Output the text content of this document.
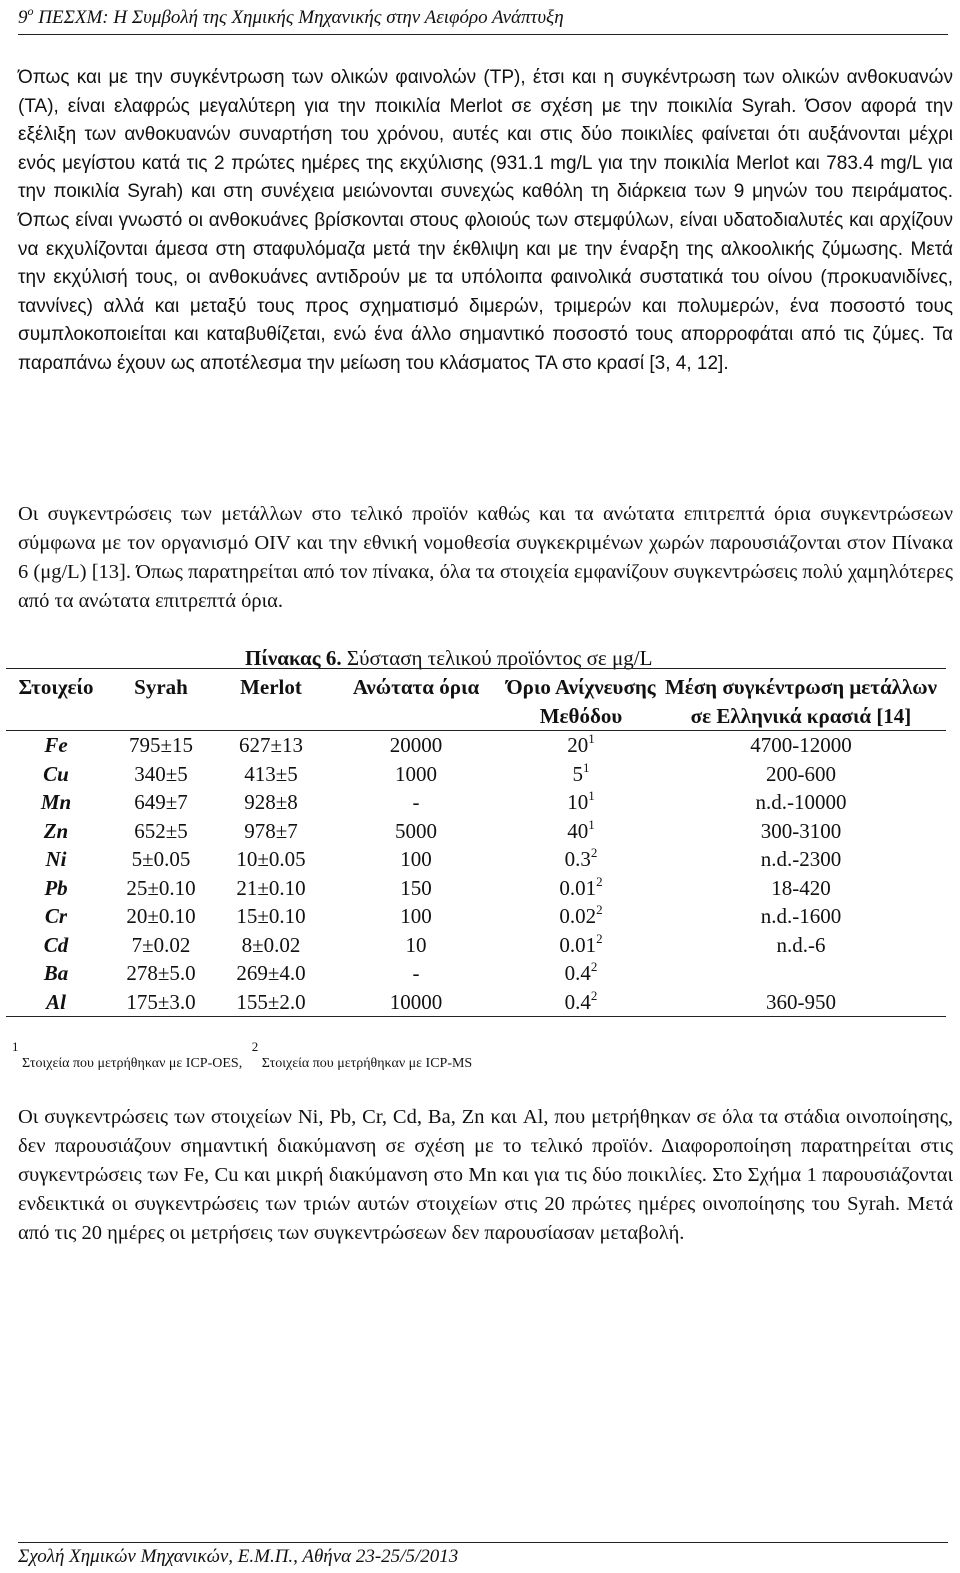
$9^o$ ΠΕΣΧΜ: Η Συμβολή της Χημικής Μηχανικής στην Αειφόρο Ανάπτυξη

Όπως και με την συγκέντρωση των ολικών φαινολών (TP), έτσι και η συγκέντρωση των ολικών ανθοκυανών (TA), είναι ελαφρώς μεγαλύτερη για την ποικιλία Merlot σε σχέση με την ποικιλία Syrah. Όσον αφορά την εξέλιξη των ανθοκυανών συναρτήση του χρόνου, αυτές και στις δύο ποικιλίες φαίνεται ότι αυξάνονται μέχρι ενός μεγίστου κατά τις 2 πρώτες ημέρες της εκχύλισης (931.1 mg/L για την ποικιλία Merlot και 783.4 mg/L για την ποικιλία Syrah) και στη συνέχεια μειώνονται συνεχώς καθόλη τη διάρκεια των 9 μηνών του πειράματος. Όπως είναι γνωστό οι ανθοκυάνες βρίσκονται στους φλοιούς των στεμφύλων, είναι υδατοδιαλυτές και αρχίζουν να εκχυλίζονται άμεσα στη σταφυλόμαζα μετά την έκθλιψη και με την έναρξη της αλκοολικής ζύμωσης. Μετά την εκχύλισή τους, οι ανθοκυάνες αντιδρούν με τα υπόλοιπα φαινολικά συστατικά του οίνου (προκυανιδίνες, ταννίνες) αλλά και μεταξύ τους προς σχηματισμό διμερών, τριμερών και πολυμερών, ένα ποσοστό τους συμπλοκοποιείται και καταβυθίζεται, ενώ ένα άλλο σημαντικό ποσοστό τους απορροφάται από τις ζύμες. Τα παραπάνω έχουν ως αποτέλεσμα την μείωση του κλάσματος TA στο κρασί [3, 4, 12].

Οι συγκεντρώσεις των μετάλλων στο τελικό προϊόν καθώς και τα ανώτατα επιτρεπτά όρια συγκεντρώσεων σύμφωνα με τον οργανισμό OIV και την εθνική νομοθεσία συγκεκριμένων χωρών παρουσιάζονται στον Πίνακα 6 (μg/L) [13]. Όπως παρατηρείται από τον πίνακα, όλα τα στοιχεία εμφανίζουν συγκεντρώσεις πολύ χαμηλότερες από τα ανώτατα επιτρεπτά όρια.

Πίνακας 6. Σύσταση τελικού προϊόντος σε μg/L
Στοιχείο	Syrah	Merlot	Ανώτατα όρια	Όριο Ανίχνευσης Μεθόδου	Μέση συγκέντρωση μετάλλων σε Ελληνικά κρασιά [14]
Fe	795±15	627±13	20000	$20^1$	4700-12000
Cu	340±5	413±5	1000	$5^1$	200-600
Mn	649±7	928±8	-	$10^1$	n.d.-10000
Zn	652±5	978±7	5000	$40^1$	300-3100
Ni	5±0.05	10±0.05	100	$0.3^2$	n.d.-2300
Pb	25±0.10	21±0.10	150	0.01$^2$	18-420
Cr	20±0.10	15±0.10	100	0.02$^2$	n.d.-1600
Cd	7±0.02	8±0.02	10	0.01$^2$	n.d.-6
Ba	278±5.0	269±4.0	-	$0.4^2$	
Al	175±3.0	155±2.0	10000	$0.4^2$	360-950
1 Στοιχεία που μετρήθηκαν με ICP-OES, 2 Στοιχεία που μετρήθηκαν με ICP-MS

Οι συγκεντρώσεις των στοιχείων Ni, Pb, Cr, Cd, Ba, Zn και Al, που μετρήθηκαν σε όλα τα στάδια οινοποίησης, δεν παρουσιάζουν σημαντική διακύμανση σε σχέση με το τελικό προϊόν. Διαφοροποίηση παρατηρείται στις συγκεντρώσεις των Fe, Cu και μικρή διακύμανση στο Mn και για τις δύο ποικιλίες. Στο Σχήμα 1 παρουσιάζονται ενδεικτικά οι συγκεντρώσεις των τριών αυτών στοιχείων στις 20 πρώτες ημέρες οινοποίησης του Syrah. Μετά από τις 20 ημέρες οι μετρήσεις των συγκεντρώσεων δεν παρουσίασαν μεταβολή.

Σχολή Χημικών Μηχανικών, Ε.Μ.Π., Αθήνα 23-25/5/2013
